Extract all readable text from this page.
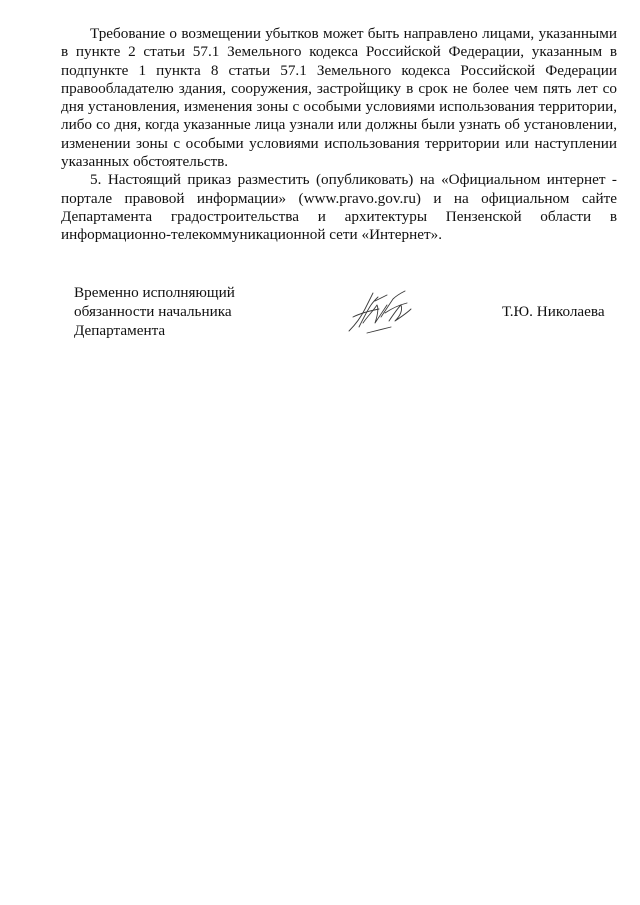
Требование о возмещении убытков может быть направлено лицами, указанными в пункте 2 статьи 57.1 Земельного кодекса Российской Федерации, указанным в подпункте 1 пункта 8 статьи 57.1 Земельного кодекса Российской Федерации правообладателю здания, сооружения, застройщику в срок не более чем пять лет со дня установления, изменения зоны с особыми условиями использования территории, либо со дня, когда указанные лица узнали или должны были узнать об установлении, изменении зоны с особыми условиями использования территории или наступлении указанных обстоятельств.

5. Настоящий приказ разместить (опубликовать) на «Официальном интернет - портале правовой информации» (www.pravo.gov.ru) и на официальном сайте Департамента градостроительства и архитектуры Пензенской области в информационно-телекоммуникационной сети «Интернет».

Временно исполняющий
обязанности начальника
Департамента
Т.Ю. Николаева
